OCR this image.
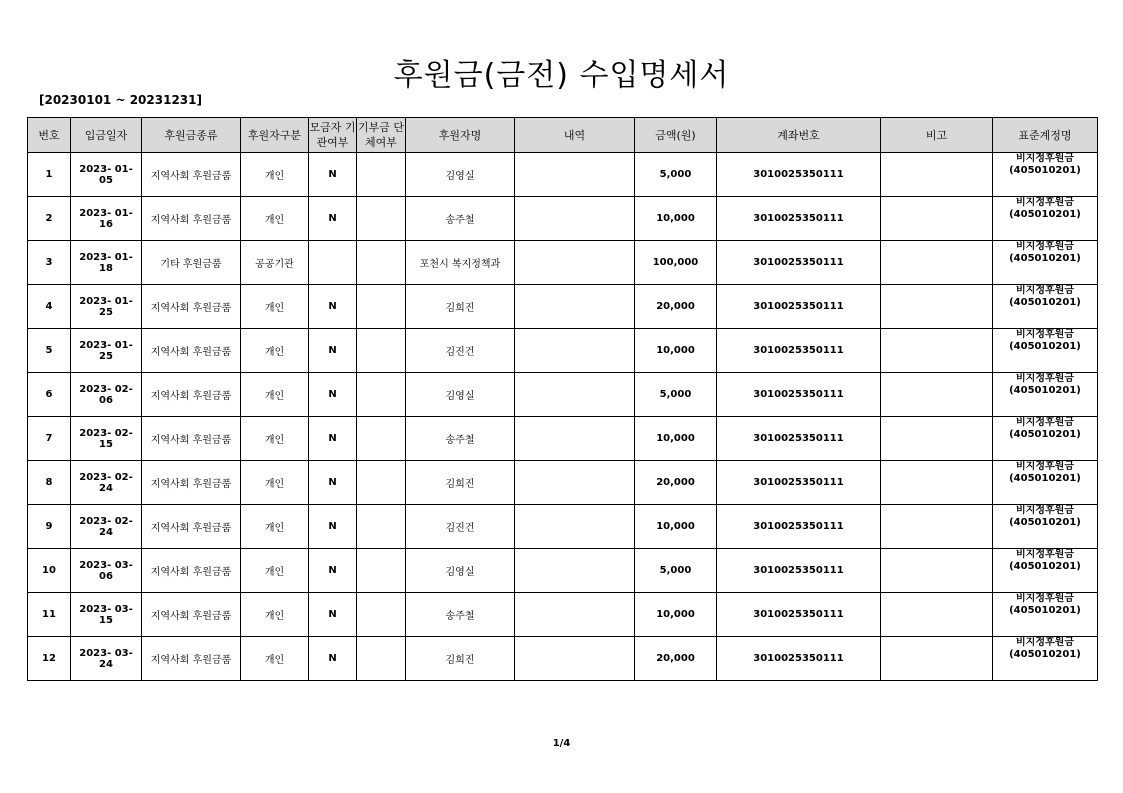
후원금(금전) 수입명세서
[20230101 ~ 20231231]
번호	입금일자	후원금종류	후원자구분	모금자 기관여부	기부금 단체여부	후원자명	내역	금액(원)	계좌번호	비고	표준계정명
1	2023- 01- 05	지역사회 후원금품	개인	N		김영실		5,000	3010025350111		비지정후원금 (405010201)
2	2023- 01- 16	지역사회 후원금품	개인	N		송주철		10,000	3010025350111		비지정후원금 (405010201)
3	2023- 01- 18	기타 후원금품	공공기관			포천시 복지정책과		100,000	3010025350111		비지정후원금 (405010201)
4	2023- 01- 25	지역사회 후원금품	개인	N		김희진		20,000	3010025350111		비지정후원금 (405010201)
5	2023- 01- 25	지역사회 후원금품	개인	N		김진건		10,000	3010025350111		비지정후원금 (405010201)
6	2023- 02- 06	지역사회 후원금품	개인	N		김영실		5,000	3010025350111		비지정후원금 (405010201)
7	2023- 02- 15	지역사회 후원금품	개인	N		송주철		10,000	3010025350111		비지정후원금 (405010201)
8	2023- 02- 24	지역사회 후원금품	개인	N		김희진		20,000	3010025350111		비지정후원금 (405010201)
9	2023- 02- 24	지역사회 후원금품	개인	N		김진건		10,000	3010025350111		비지정후원금 (405010201)
10	2023- 03- 06	지역사회 후원금품	개인	N		김영실		5,000	3010025350111		비지정후원금 (405010201)
11	2023- 03- 15	지역사회 후원금품	개인	N		송주철		10,000	3010025350111		비지정후원금 (405010201)
12	2023- 03- 24	지역사회 후원금품	개인	N		김희진		20,000	3010025350111		비지정후원금 (405010201)
1/4
